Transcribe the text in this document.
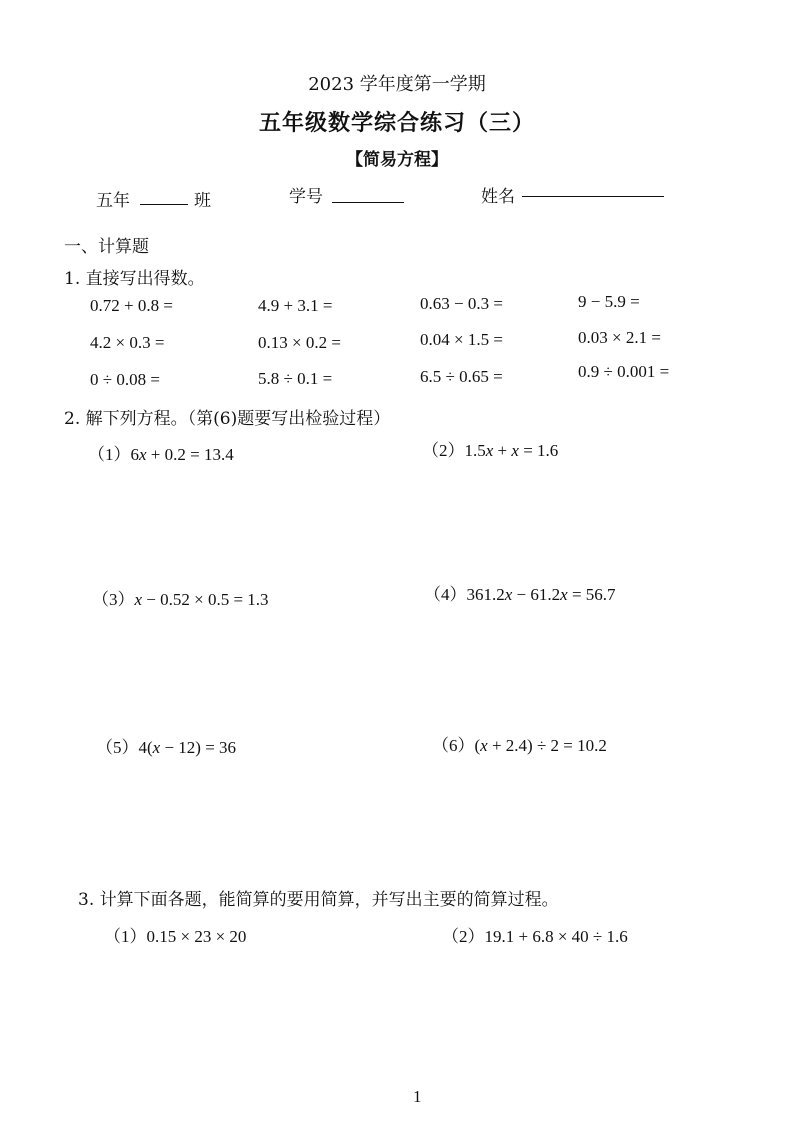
2023 学年度第一学期
五年级数学综合练习（三）
【简易方程】
五年	班	学号	姓名
一、计算题
1. 直接写出得数。
0.72 + 0.8 =	4.9 + 3.1 =	0.63 − 0.3 =	9 − 5.9 =
4.2 × 0.3 =	0.13 × 0.2 =	0.04 × 1.5 =	0.03 × 2.1 =
0 ÷ 0.08 =	5.8 ÷ 0.1 =	6.5 ÷ 0.65 =	0.9 ÷ 0.001 =
2. 解下列方程。（第(6)题要写出检验过程）
（1）6x + 0.2 = 13.4	（2）1.5x + x = 1.6
（3）x − 0.52 × 0.5 = 1.3	（4）361.2x − 61.2x = 56.7
（5）4(x − 12) = 36	（6）(x + 2.4) ÷ 2 = 10.2
3. 计算下面各题，能简算的要用简算，并写出主要的简算过程。
（1）0.15 × 23 × 20	（2）19.1 + 6.8 × 40 ÷ 1.6
1
